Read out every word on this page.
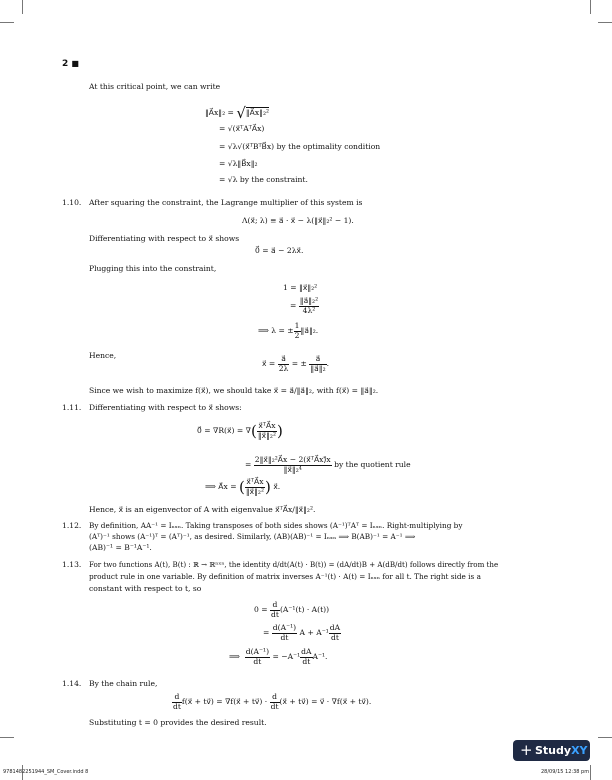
2 ■
At this critical point, we can write
‖A⃗x‖₂ = √‖A⃗x‖₂²
= √(x⃗ᵀAᵀA⃗x)
= √λ√(x⃗ᵀBᵀB⃗x) by the optimality condition
= √λ‖B⃗x‖₂
= √λ by the constraint.
1.10. After squaring the constraint, the Lagrange multiplier of this system is
Λ(x⃗; λ) ≡ a⃗ · x⃗ − λ(‖x⃗‖₂² − 1).
Differentiating with respect to x⃗ shows
0⃗ = a⃗ − 2λx⃗.
Plugging this into the constraint,
1 = ‖x⃗‖₂²
= $\frac{\text{‖a⃗‖₂²}}{\text{4λ²}}$
⟹ λ = ± $\frac{1}{2}$ ‖a⃗‖₂.
Hence,
x⃗ = $\frac{a⃗}{2\lambda}$ = ± $\frac{a⃗}{\text{‖a⃗‖₂}}$ .
Since we wish to maximize f(x⃗), we should take x⃗ = a⃗/‖a⃗‖₂, with f(x⃗) = ‖a⃗‖₂.
1.11. Differentiating with respect to x⃗ shows:
0⃗ = ∇R(x⃗) = ∇( $\frac{\text{x⃗ᵀA⃗x}}{\text{‖x⃗‖₂²}}$ )
= $\frac{\text{2‖x⃗‖₂²A⃗x − 2(x⃗ᵀA⃗x)⃗x}}{\text{‖x⃗‖₂⁴}}$ by the quotient rule
⟹ A⃗x = ( $\frac{\text{x⃗ᵀA⃗x}}{\text{‖x⃗‖₂²}}$ ) x⃗.
Hence, x⃗ is an eigenvector of A with eigenvalue x⃗ᵀA⃗x/‖x⃗‖₂².
1.12. By definition, AA⁻¹ = Iₙₓₙ. Taking transposes of both sides shows (A⁻¹)ᵀAᵀ = Iₙₓₙ. Right-multiplying by
(Aᵀ)⁻¹ shows (A⁻¹)ᵀ = (Aᵀ)⁻¹, as desired. Similarly, (AB)(AB)⁻¹ = Iₙₓₙ ⟹ B(AB)⁻¹ = A⁻¹ ⟹
(AB)⁻¹ = B⁻¹A⁻¹.
1.13. For two functions A(t), B(t) : ℝ → ℝⁿˣⁿ, the identity d/dt(A(t) · B(t)) = (dA/dt)B + A(dB/dt) follows directly from the
product rule in one variable. By definition of matrix inverses A⁻¹(t) · A(t) = Iₙₓₙ for all t. The right side is a
constant with respect to t, so
$0 = \frac{d}{dt} (A^{-1}(t) \cdot A(t))$
= $\frac{\text{d(A⁻¹)}}{dt}$ $A + A^{-1} \frac{dA}{dt}$
⟹ $\frac{\text{d(A⁻¹)}}{dt} = -A^{-1} \frac{dA}{dt} A^{-1}$.
1.14. By the chain rule,
$\frac{d}{dt}$ f(x⃗ + tv⃗) = ∇f(x⃗ + tv⃗) · $\frac{d}{dt}$ (x⃗ + tv⃗) = v⃗ · ∇f(x⃗ + tv⃗).
Substituting t = 0 provides the desired result.
+ StudyXY
9781482251944_SM_Cover.indd 8	28/09/15 12:38 pm
